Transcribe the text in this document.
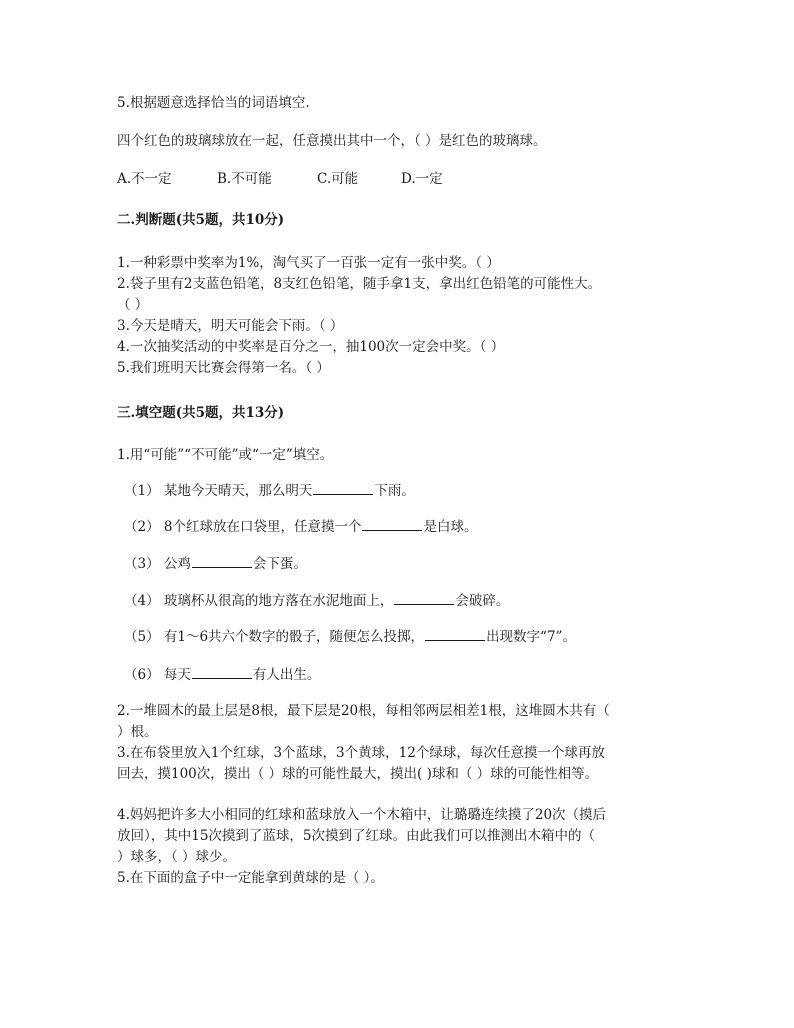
5.根据题意选择恰当的词语填空.
四个红色的玻璃球放在一起，任意摸出其中一个，（ ）是红色的玻璃球。
A.不一定	B.不可能	C.可能	D.一定
二.判断题(共5题，共10分)
1.一种彩票中奖率为1%，淘气买了一百张一定有一张中奖。（ ）
2.袋子里有2支蓝色铅笔，8支红色铅笔，随手拿1支，拿出红色铅笔的可能性大。
（ ）
3.今天是晴天，明天可能会下雨。（ ）
4.一次抽奖活动的中奖率是百分之一，抽100次一定会中奖。（ ）
5.我们班明天比赛会得第一名。（ ）
三.填空题(共5题，共13分)
1.用“可能”“不可能”或“一定”填空。
（1） 某地今天晴天，那么明天	下雨。
（2） 8个红球放在口袋里，任意摸一个	是白球。
（3） 公鸡	会下蛋。
（4） 玻璃杯从很高的地方落在水泥地面上，	会破碎。
（5） 有1～6共六个数字的骰子，随便怎么投掷，	出现数字“7”。
（6） 每天	有人出生。
2.一堆圆木的最上层是8根，最下层是20根，每相邻两层相差1根，这堆圆木共有（
）根。
3.在布袋里放入1个红球，3个蓝球，3个黄球，12个绿球，每次任意摸一个球再放
回去，摸100次，摸出（ ）球的可能性最大，摸出( )球和（ ）球的可能性相等。
4.妈妈把许多大小相同的红球和蓝球放入一个木箱中，让璐璐连续摸了20次（摸后
放回），其中15次摸到了蓝球，5次摸到了红球。由此我们可以推测出木箱中的（
）球多，（ ）球少。
5.在下面的盒子中一定能拿到黄球的是（ ）。
